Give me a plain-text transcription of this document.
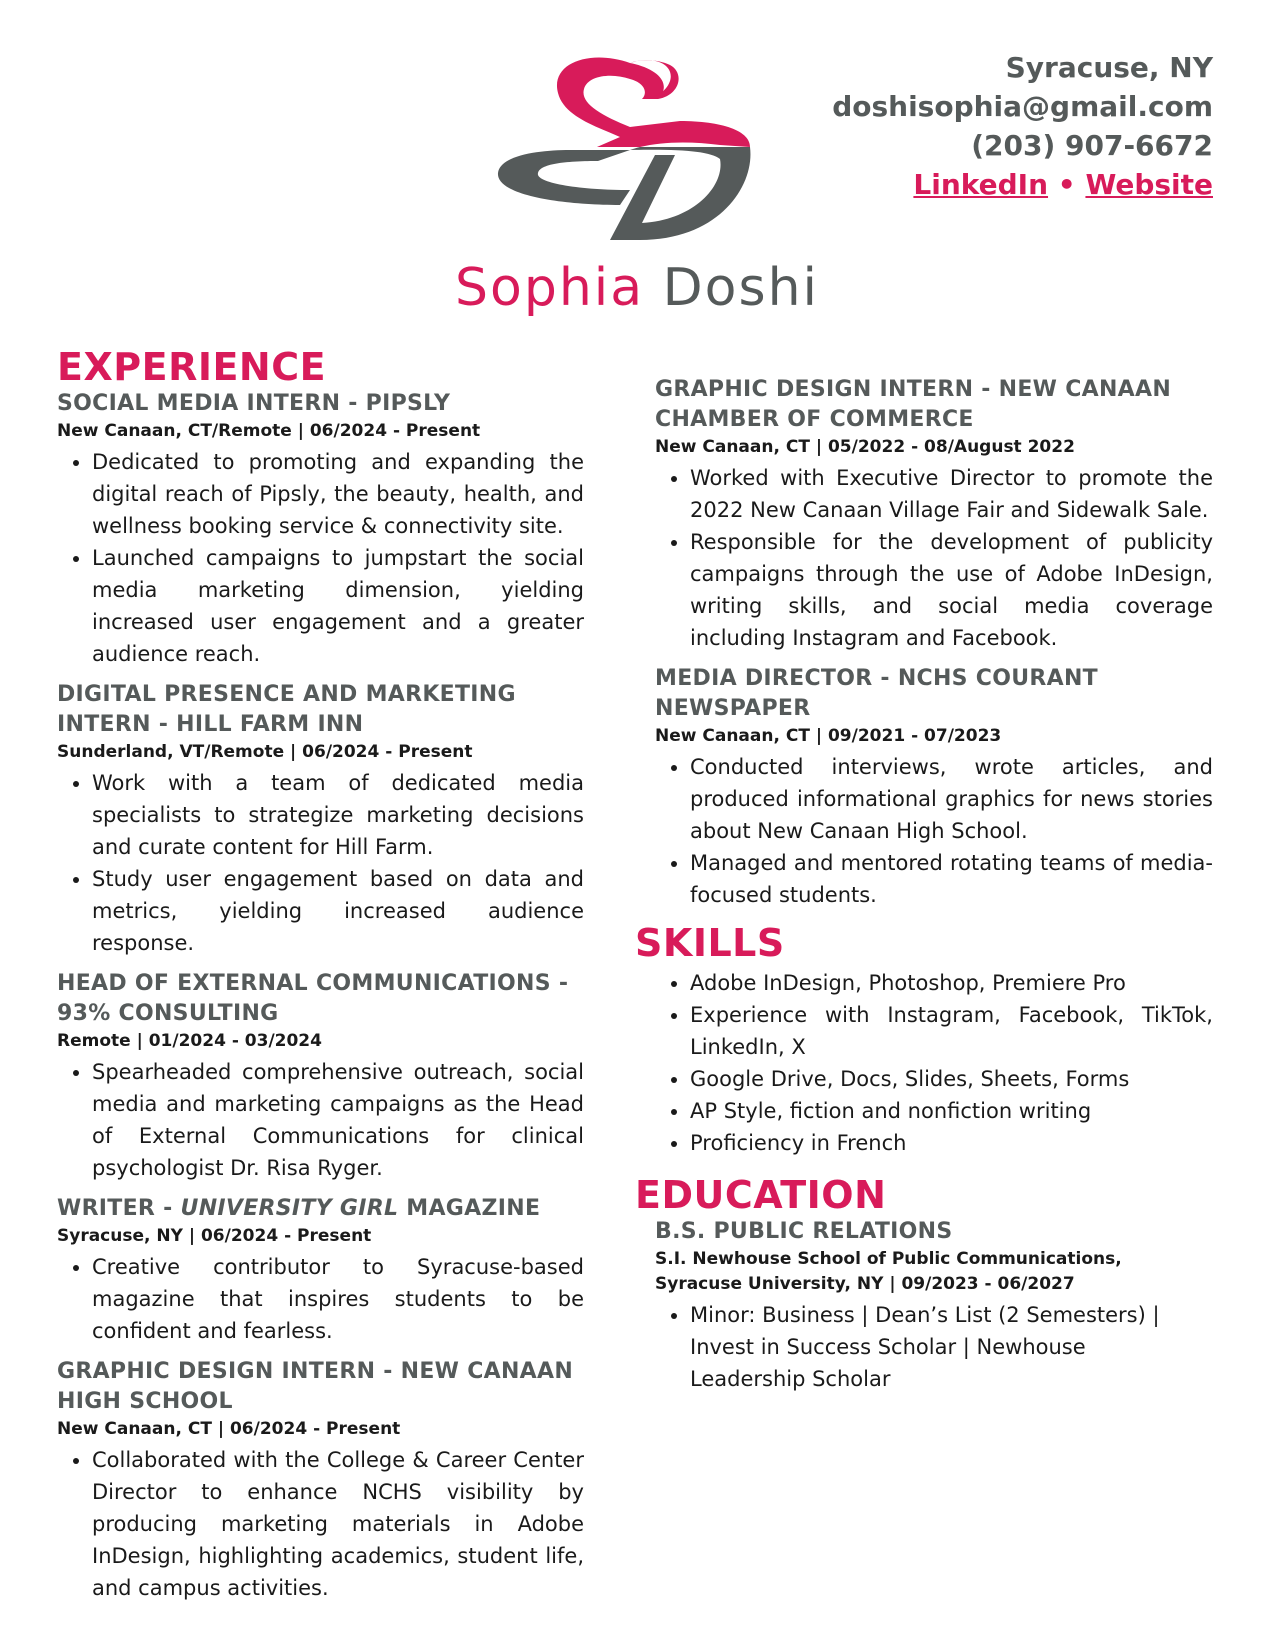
Sophia Doshi
Syracuse, NY
doshisophia@gmail.com
(203) 907-6672
LinkedIn • Website
EXPERIENCE
SOCIAL MEDIA INTERN - PIPSLY

New Canaan, CT/Remote | 06/2024 - Present

• Dedicated to promoting and expanding the digital reach of Pipsly, the beauty, health, and wellness booking service & connectivity site.
• Launched campaigns to jumpstart the social media marketing dimension, yielding increased user engagement and a greater audience reach.
DIGITAL PRESENCE AND MARKETING INTERN - HILL FARM INN

Sunderland, VT/Remote | 06/2024 - Present

• Work with a team of dedicated media specialists to strategize marketing decisions and curate content for Hill Farm.
• Study user engagement based on data and metrics, yielding increased audience response.
HEAD OF EXTERNAL COMMUNICATIONS - 93% CONSULTING

Remote | 01/2024 - 03/2024

• Spearheaded comprehensive outreach, social media and marketing campaigns as the Head of External Communications for clinical psychologist Dr. Risa Ryger.
WRITER - UNIVERSITY GIRL MAGAZINE

Syracuse, NY | 06/2024 - Present

• Creative contributor to Syracuse-based magazine that inspires students to be confident and fearless.
GRAPHIC DESIGN INTERN - NEW CANAAN HIGH SCHOOL

New Canaan, CT | 06/2024 - Present

• Collaborated with the College & Career Center Director to enhance NCHS visibility by producing marketing materials in Adobe InDesign, highlighting academics, student life, and campus activities.
GRAPHIC DESIGN INTERN - NEW CANAAN CHAMBER OF COMMERCE

New Canaan, CT | 05/2022 - 08/August 2022

• Worked with Executive Director to promote the 2022 New Canaan Village Fair and Sidewalk Sale.
• Responsible for the development of publicity campaigns through the use of Adobe InDesign, writing skills, and social media coverage including Instagram and Facebook.
MEDIA DIRECTOR - NCHS COURANT NEWSPAPER

New Canaan, CT | 09/2021 - 07/2023

• Conducted interviews, wrote articles, and produced informational graphics for news stories about New Canaan High School.
• Managed and mentored rotating teams of media-focused students.
SKILLS
• Adobe InDesign, Photoshop, Premiere Pro
• Experience with Instagram, Facebook, TikTok, LinkedIn, X
• Google Drive, Docs, Slides, Sheets, Forms
• AP Style, fiction and nonfiction writing
• Proficiency in French
EDUCATION
B.S. PUBLIC RELATIONS

S.I. Newhouse School of Public Communications,

Syracuse University, NY | 09/2023 - 06/2027

• Minor: Business | Dean’s List (2 Semesters) | Invest in Success Scholar | Newhouse Leadership Scholar
